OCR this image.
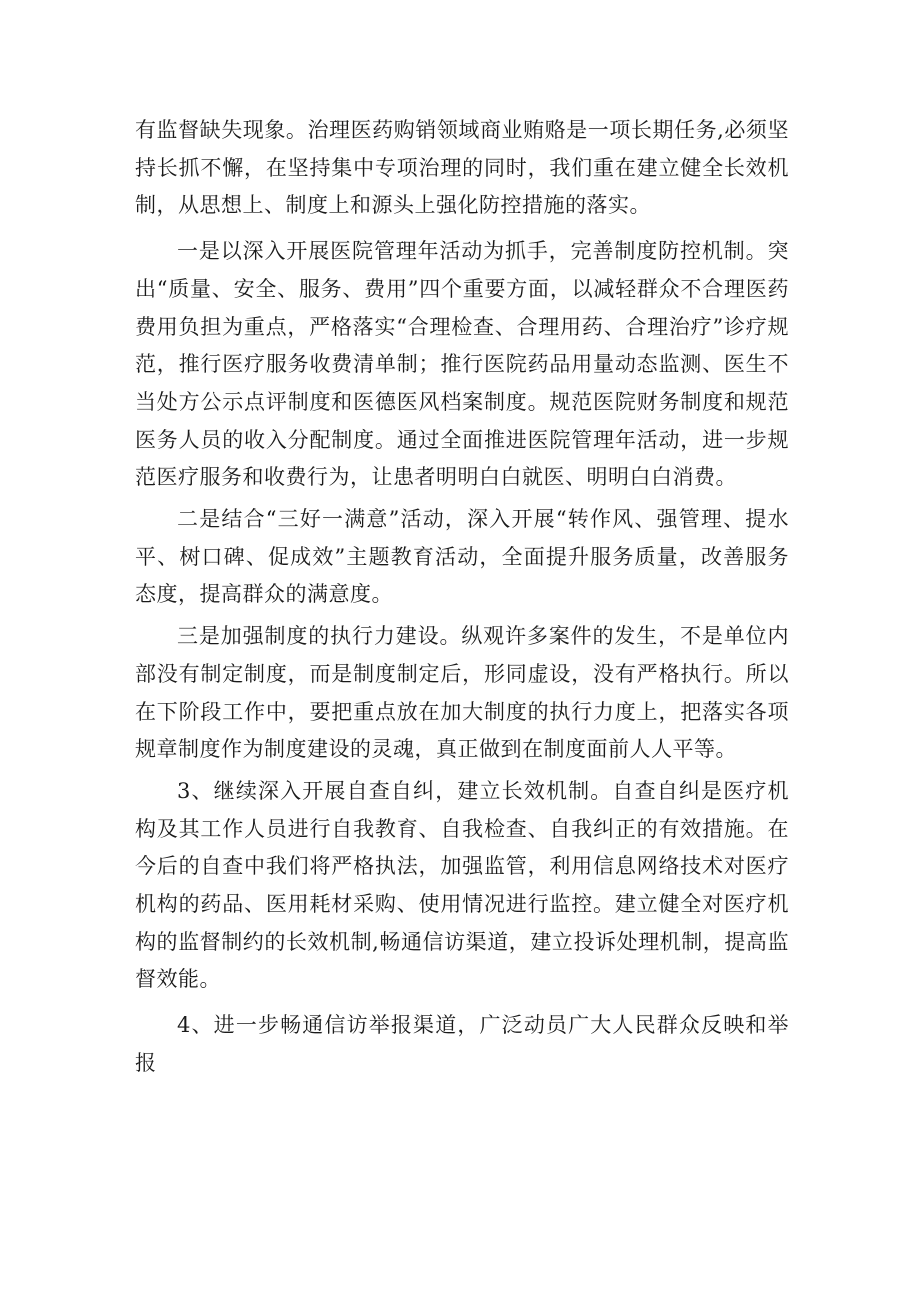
有监督缺失现象。治理医药购销领域商业贿赂是一项长期任务,必须坚持长抓不懈，在坚持集中专项治理的同时，我们重在建立健全长效机制，从思想上、制度上和源头上强化防控措施的落实。

一是以深入开展医院管理年活动为抓手，完善制度防控机制。突出“质量、安全、服务、费用”四个重要方面，以减轻群众不合理医药费用负担为重点，严格落实“合理检查、合理用药、合理治疗”诊疗规范，推行医疗服务收费清单制；推行医院药品用量动态监测、医生不当处方公示点评制度和医德医风档案制度。规范医院财务制度和规范医务人员的收入分配制度。通过全面推进医院管理年活动，进一步规范医疗服务和收费行为，让患者明明白白就医、明明白白消费。

二是结合“三好一满意”活动，深入开展“转作风、强管理、提水平、树口碑、促成效”主题教育活动，全面提升服务质量，改善服务态度，提高群众的满意度。

三是加强制度的执行力建设。纵观许多案件的发生，不是单位内部没有制定制度，而是制度制定后，形同虚设，没有严格执行。所以在下阶段工作中，要把重点放在加大制度的执行力度上，把落实各项规章制度作为制度建设的灵魂，真正做到在制度面前人人平等。

3、继续深入开展自查自纠，建立长效机制。自查自纠是医疗机构及其工作人员进行自我教育、自我检查、自我纠正的有效措施。在今后的自查中我们将严格执法，加强监管，利用信息网络技术对医疗机构的药品、医用耗材采购、使用情况进行监控。建立健全对医疗机构的监督制约的长效机制,畅通信访渠道，建立投诉处理机制，提高监督效能。

4、进一步畅通信访举报渠道，广泛动员广大人民群众反映和举报
